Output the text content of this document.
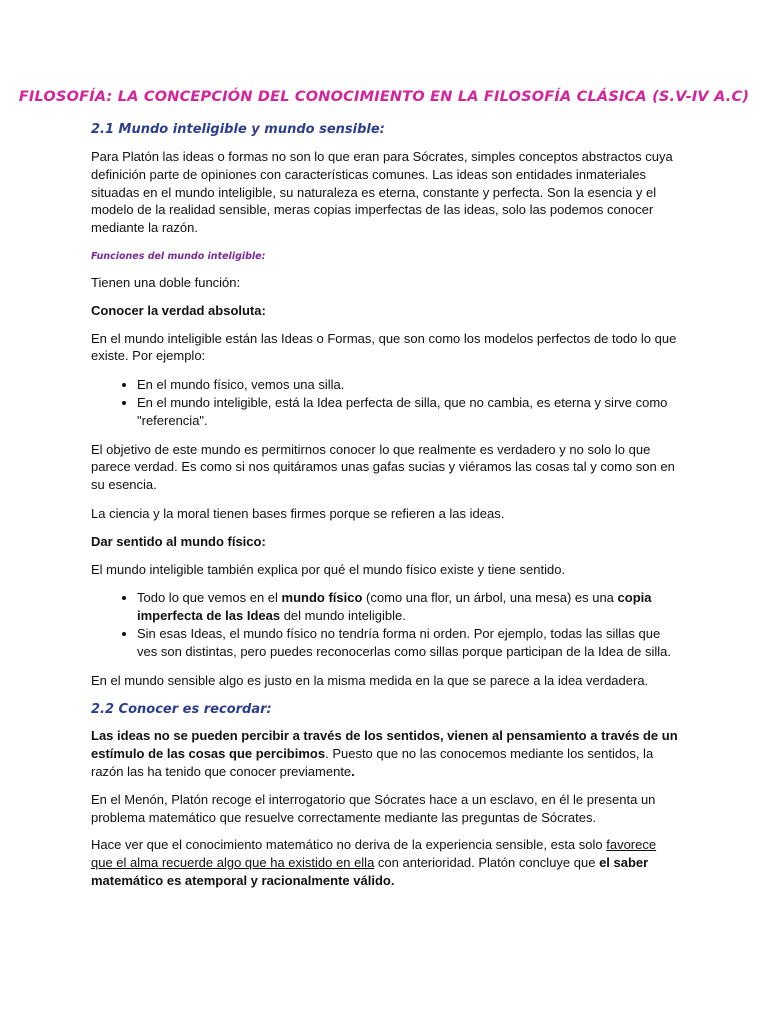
FILOSOFÍA: LA CONCEPCIÓN DEL CONOCIMIENTO EN LA FILOSOFÍA CLÁSICA (S.V-IV A.C)
2.1 Mundo inteligible y mundo sensible:

Para Platón las ideas o formas no son lo que eran para Sócrates, simples conceptos abstractos cuya definición parte de opiniones con características comunes. Las ideas son entidades inmateriales situadas en el mundo inteligible, su naturaleza es eterna, constante y perfecta. Son la esencia y el modelo de la realidad sensible, meras copias imperfectas de las ideas, solo las podemos conocer mediante la razón.

Funciones del mundo inteligible:

Tienen una doble función:

Conocer la verdad absoluta:

En el mundo inteligible están las Ideas o Formas, que son como los modelos perfectos de todo lo que existe. Por ejemplo:

• En el mundo físico, vemos una silla.
• En el mundo inteligible, está la Idea perfecta de silla, que no cambia, es eterna y sirve como "referencia".

El objetivo de este mundo es permitirnos conocer lo que realmente es verdadero y no solo lo que parece verdad. Es como si nos quitáramos unas gafas sucias y viéramos las cosas tal y como son en su esencia.

La ciencia y la moral tienen bases firmes porque se refieren a las ideas.

Dar sentido al mundo físico:

El mundo inteligible también explica por qué el mundo físico existe y tiene sentido.

• Todo lo que vemos en el mundo físico (como una flor, un árbol, una mesa) es una copia imperfecta de las Ideas del mundo inteligible.
• Sin esas Ideas, el mundo físico no tendría forma ni orden. Por ejemplo, todas las sillas que ves son distintas, pero puedes reconocerlas como sillas porque participan de la Idea de silla.

En el mundo sensible algo es justo en la misma medida en la que se parece a la idea verdadera.

2.2 Conocer es recordar:

Las ideas no se pueden percibir a través de los sentidos, vienen al pensamiento a través de un estímulo de las cosas que percibimos. Puesto que no las conocemos mediante los sentidos, la razón las ha tenido que conocer previamente.

En el Menón, Platón recoge el interrogatorio que Sócrates hace a un esclavo, en él le presenta un problema matemático que resuelve correctamente mediante las preguntas de Sócrates.

Hace ver que el conocimiento matemático no deriva de la experiencia sensible, esta solo favorece que el alma recuerde algo que ha existido en ella con anterioridad. Platón concluye que el saber matemático es atemporal y racionalmente válido.
